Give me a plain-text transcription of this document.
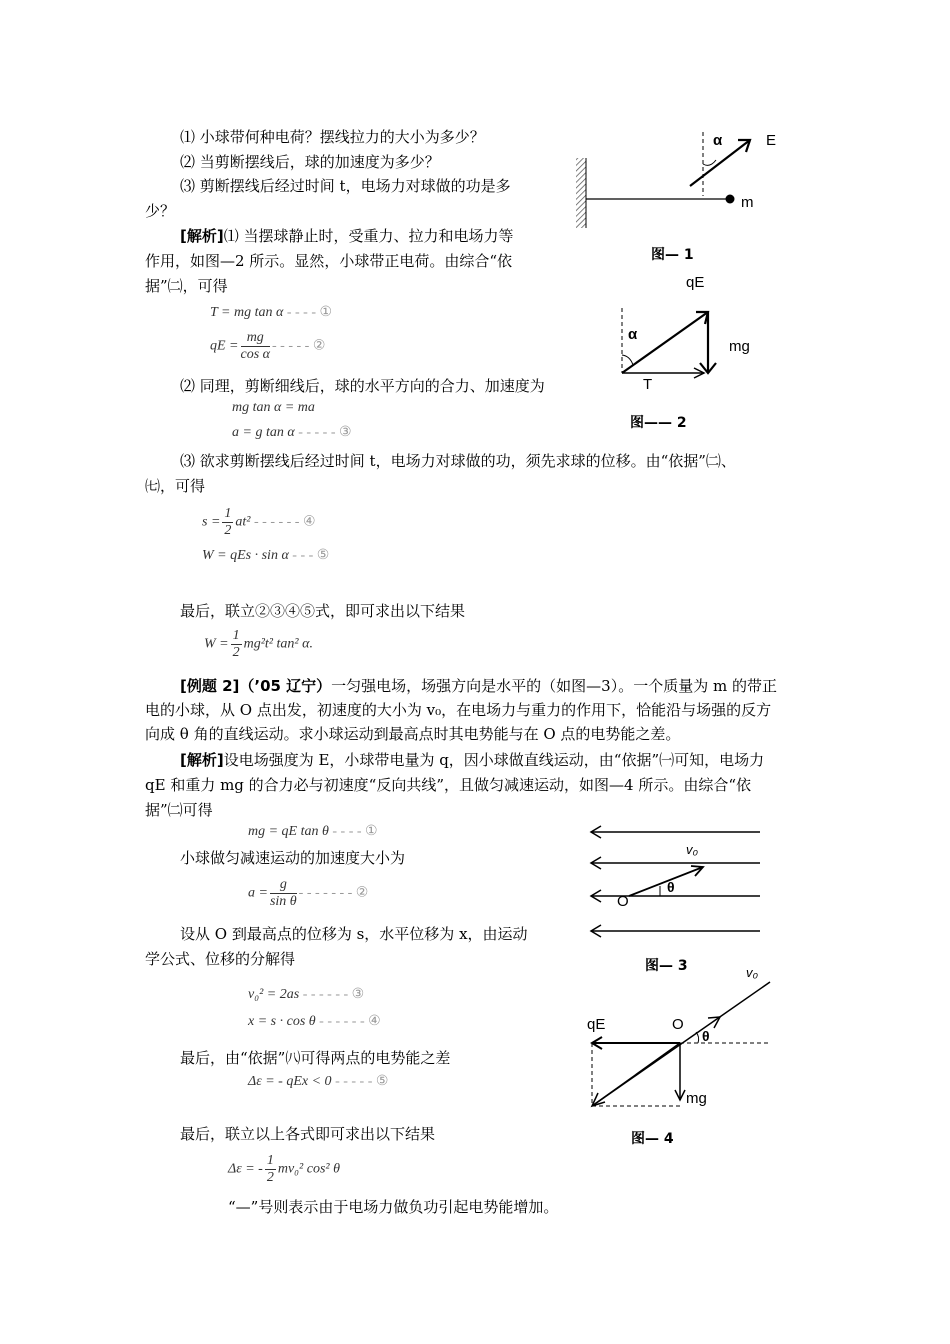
⑴ 小球带何种电荷？摆线拉力的大小为多少？
⑵ 当剪断摆线后，球的加速度为多少？
⑶ 剪断摆线后经过时间 t，电场力对球做的功是多
少？
[解析]⑴ 当摆球静止时，受重力、拉力和电场力等
作用，如图—2 所示。显然，小球带正电荷。由综合“依
据”㈡，可得
T = mg tan α - - - - ①
qE = $\frac{mg}{\text{cos α}}$ - - - - - ②
⑵ 同理，剪断细线后，球的水平方向的合力、加速度为
mg tan α = ma
a = g tan α - - - - - ③
⑶ 欲求剪断摆线后经过时间 t，电场力对球做的功，须先求球的位移。由“依据”㈡、
㈦，可得
$s = \frac{1}{2} at^2$ - - - - - - ④
W = qEs · sin α - - - ⑤
最后，联立②③④⑤式，即可求出以下结果
$W = \frac{1}{2} mg^2t^2$ tan² α.
[例题 2]（’05 辽宁）一匀强电场，场强方向是水平的（如图—3）。一个质量为 m 的带正
电的小球，从 O 点出发，初速度的大小为 v₀，在电场力与重力的作用下，恰能沿与场强的反方
向成 θ 角的直线运动。求小球运动到最高点时其电势能与在 O 点的电势能之差。
[解析]设电场强度为 E，小球带电量为 q，因小球做直线运动，由“依据”㈠可知，电场力
qE 和重力 mg 的合力必与初速度“反向共线”，且做匀减速运动，如图—4 所示。由综合“依
据”㈡可得
mg = qE tan θ - - - - ①
小球做匀减速运动的加速度大小为
$a = \frac{g}{\text{sin θ}}$ - - - - - - - ②
设从 O 到最高点的位移为 s，水平位移为 x，由运动
学公式、位移的分解得
v₀² = 2as - - - - - - ③
x = s · cos θ - - - - - - ④
最后，由“依据”㈧可得两点的电势能之差
Δε = - qEx < 0 - - - - - ⑤
最后，联立以上各式即可求出以下结果
Δε = - $\frac{1}{2} mv_0^2$ cos² θ
“—”号则表示由于电场力做负功引起电势能增加。
α	E
m
图— 1
qE
α
mg
T
图—— 2
v₀
θ
O
图— 3	v₀
qE	O
θ
mg
图— 4
